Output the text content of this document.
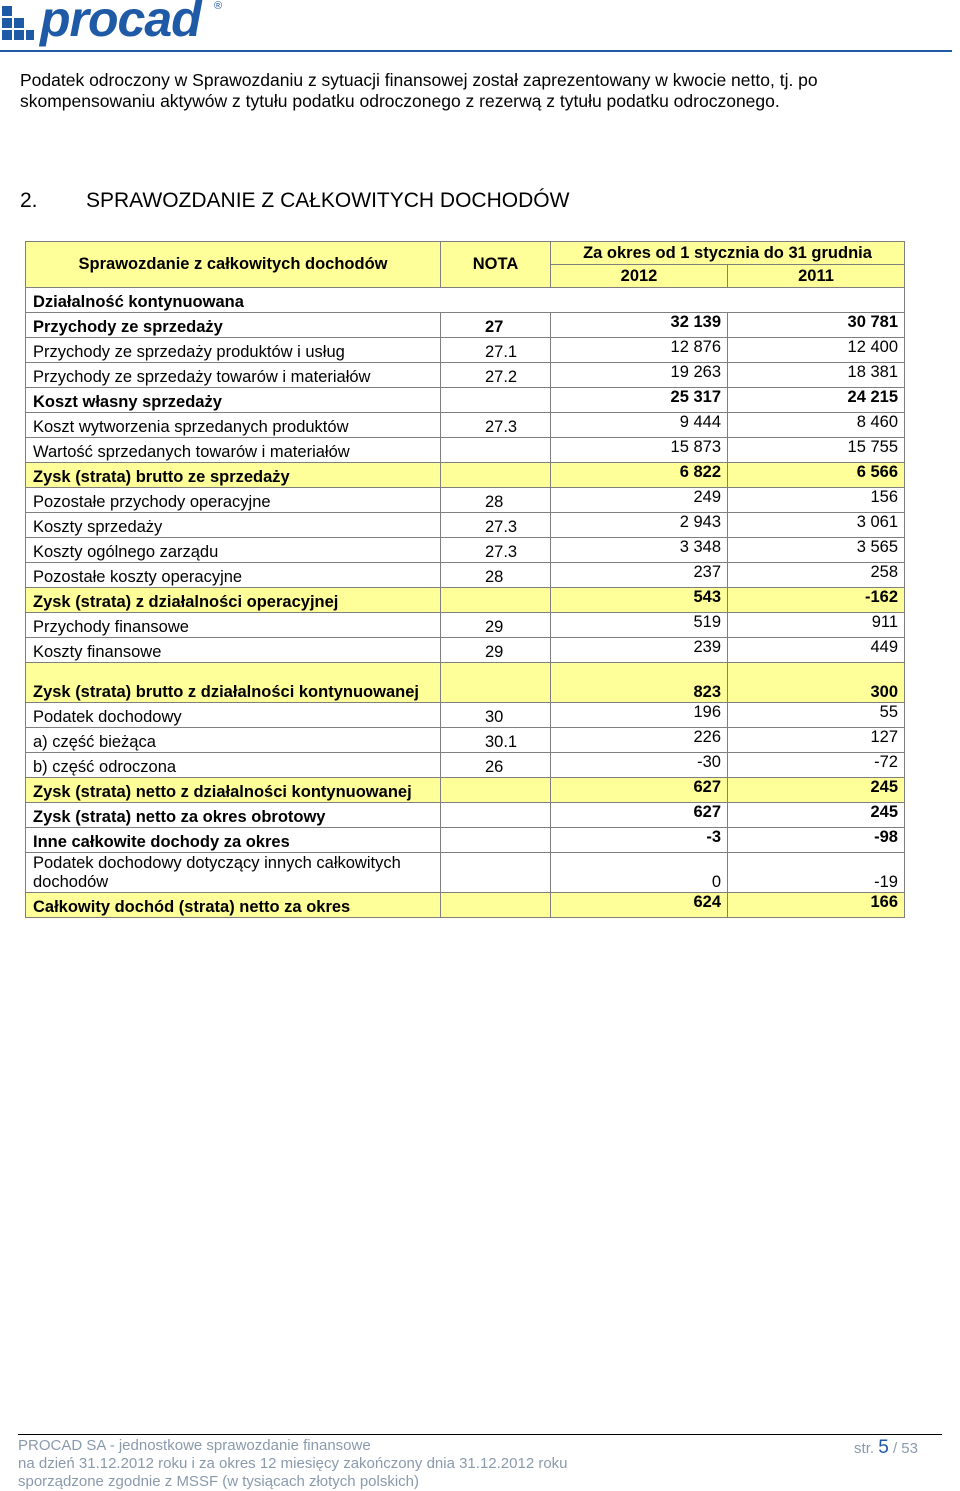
procad ®
Podatek odroczony w Sprawozdaniu z sytuacji finansowej został zaprezentowany w kwocie netto, tj. po skompensowaniu aktywów z tytułu podatku odroczonego z rezerwą z tytułu podatku odroczonego.
2. SPRAWOZDANIE Z CAŁKOWITYCH DOCHODÓW
Sprawozdanie z całkowitych dochodów	NOTA	Za okres od 1 stycznia do 31 grudnia	
		2012	2011
Działalność kontynuowana			
Przychody ze sprzedaży	27	32 139	30 781
Przychody ze sprzedaży produktów i usług	27.1	12 876	12 400
Przychody ze sprzedaży towarów i materiałów	27.2	19 263	18 381
Koszt własny sprzedaży		25 317	24 215
Koszt wytworzenia sprzedanych produktów	27.3	9 444	8 460
Wartość sprzedanych towarów i materiałów		15 873	15 755
Zysk (strata) brutto ze sprzedaży		6 822	6 566
Pozostałe przychody operacyjne	28	249	156
Koszty sprzedaży	27.3	2 943	3 061
Koszty ogólnego zarządu	27.3	3 348	3 565
Pozostałe koszty operacyjne	28	237	258
Zysk (strata) z działalności operacyjnej		543	-162
Przychody finansowe	29	519	911
Koszty finansowe	29	239	449
Zysk (strata) brutto z działalności kontynuowanej		823	300
Podatek dochodowy	30	196	55
a) część bieżąca	30.1	226	127
b) część odroczona	26	-30	-72
Zysk (strata) netto z działalności kontynuowanej		627	245
Zysk (strata) netto za okres obrotowy		627	245
Inne całkowite dochody za okres		-3	-98
Podatek dochodowy dotyczący innych całkowitych dochodów		0	-19
Całkowity dochód (strata) netto za okres		624	166
PROCAD SA - jednostkowe sprawozdanie finansowe
na dzień 31.12.2012 roku i za okres 12 miesięcy zakończony dnia 31.12.2012 roku
sporządzone zgodnie z MSSF (w tysiącach złotych polskich)
str. 5 / 53
